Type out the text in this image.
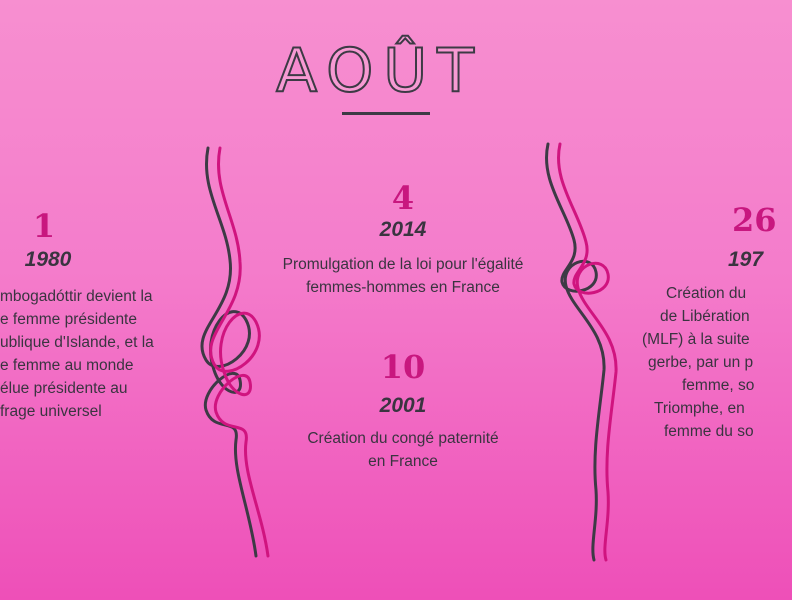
AOÛT
1
1980
mbogadóttir devient la
e femme présidente
ublique d'Islande, et la
e femme au monde
élue présidente au
frage universel
4
2014
Promulgation de la loi pour l'égalité
femmes-hommes en France
10
2001
Création du congé paternité
en France
26
197
Création du
de Libération
(MLF) à la suite
gerbe, par un p
femme, so
Triomphe, en
femme du so
